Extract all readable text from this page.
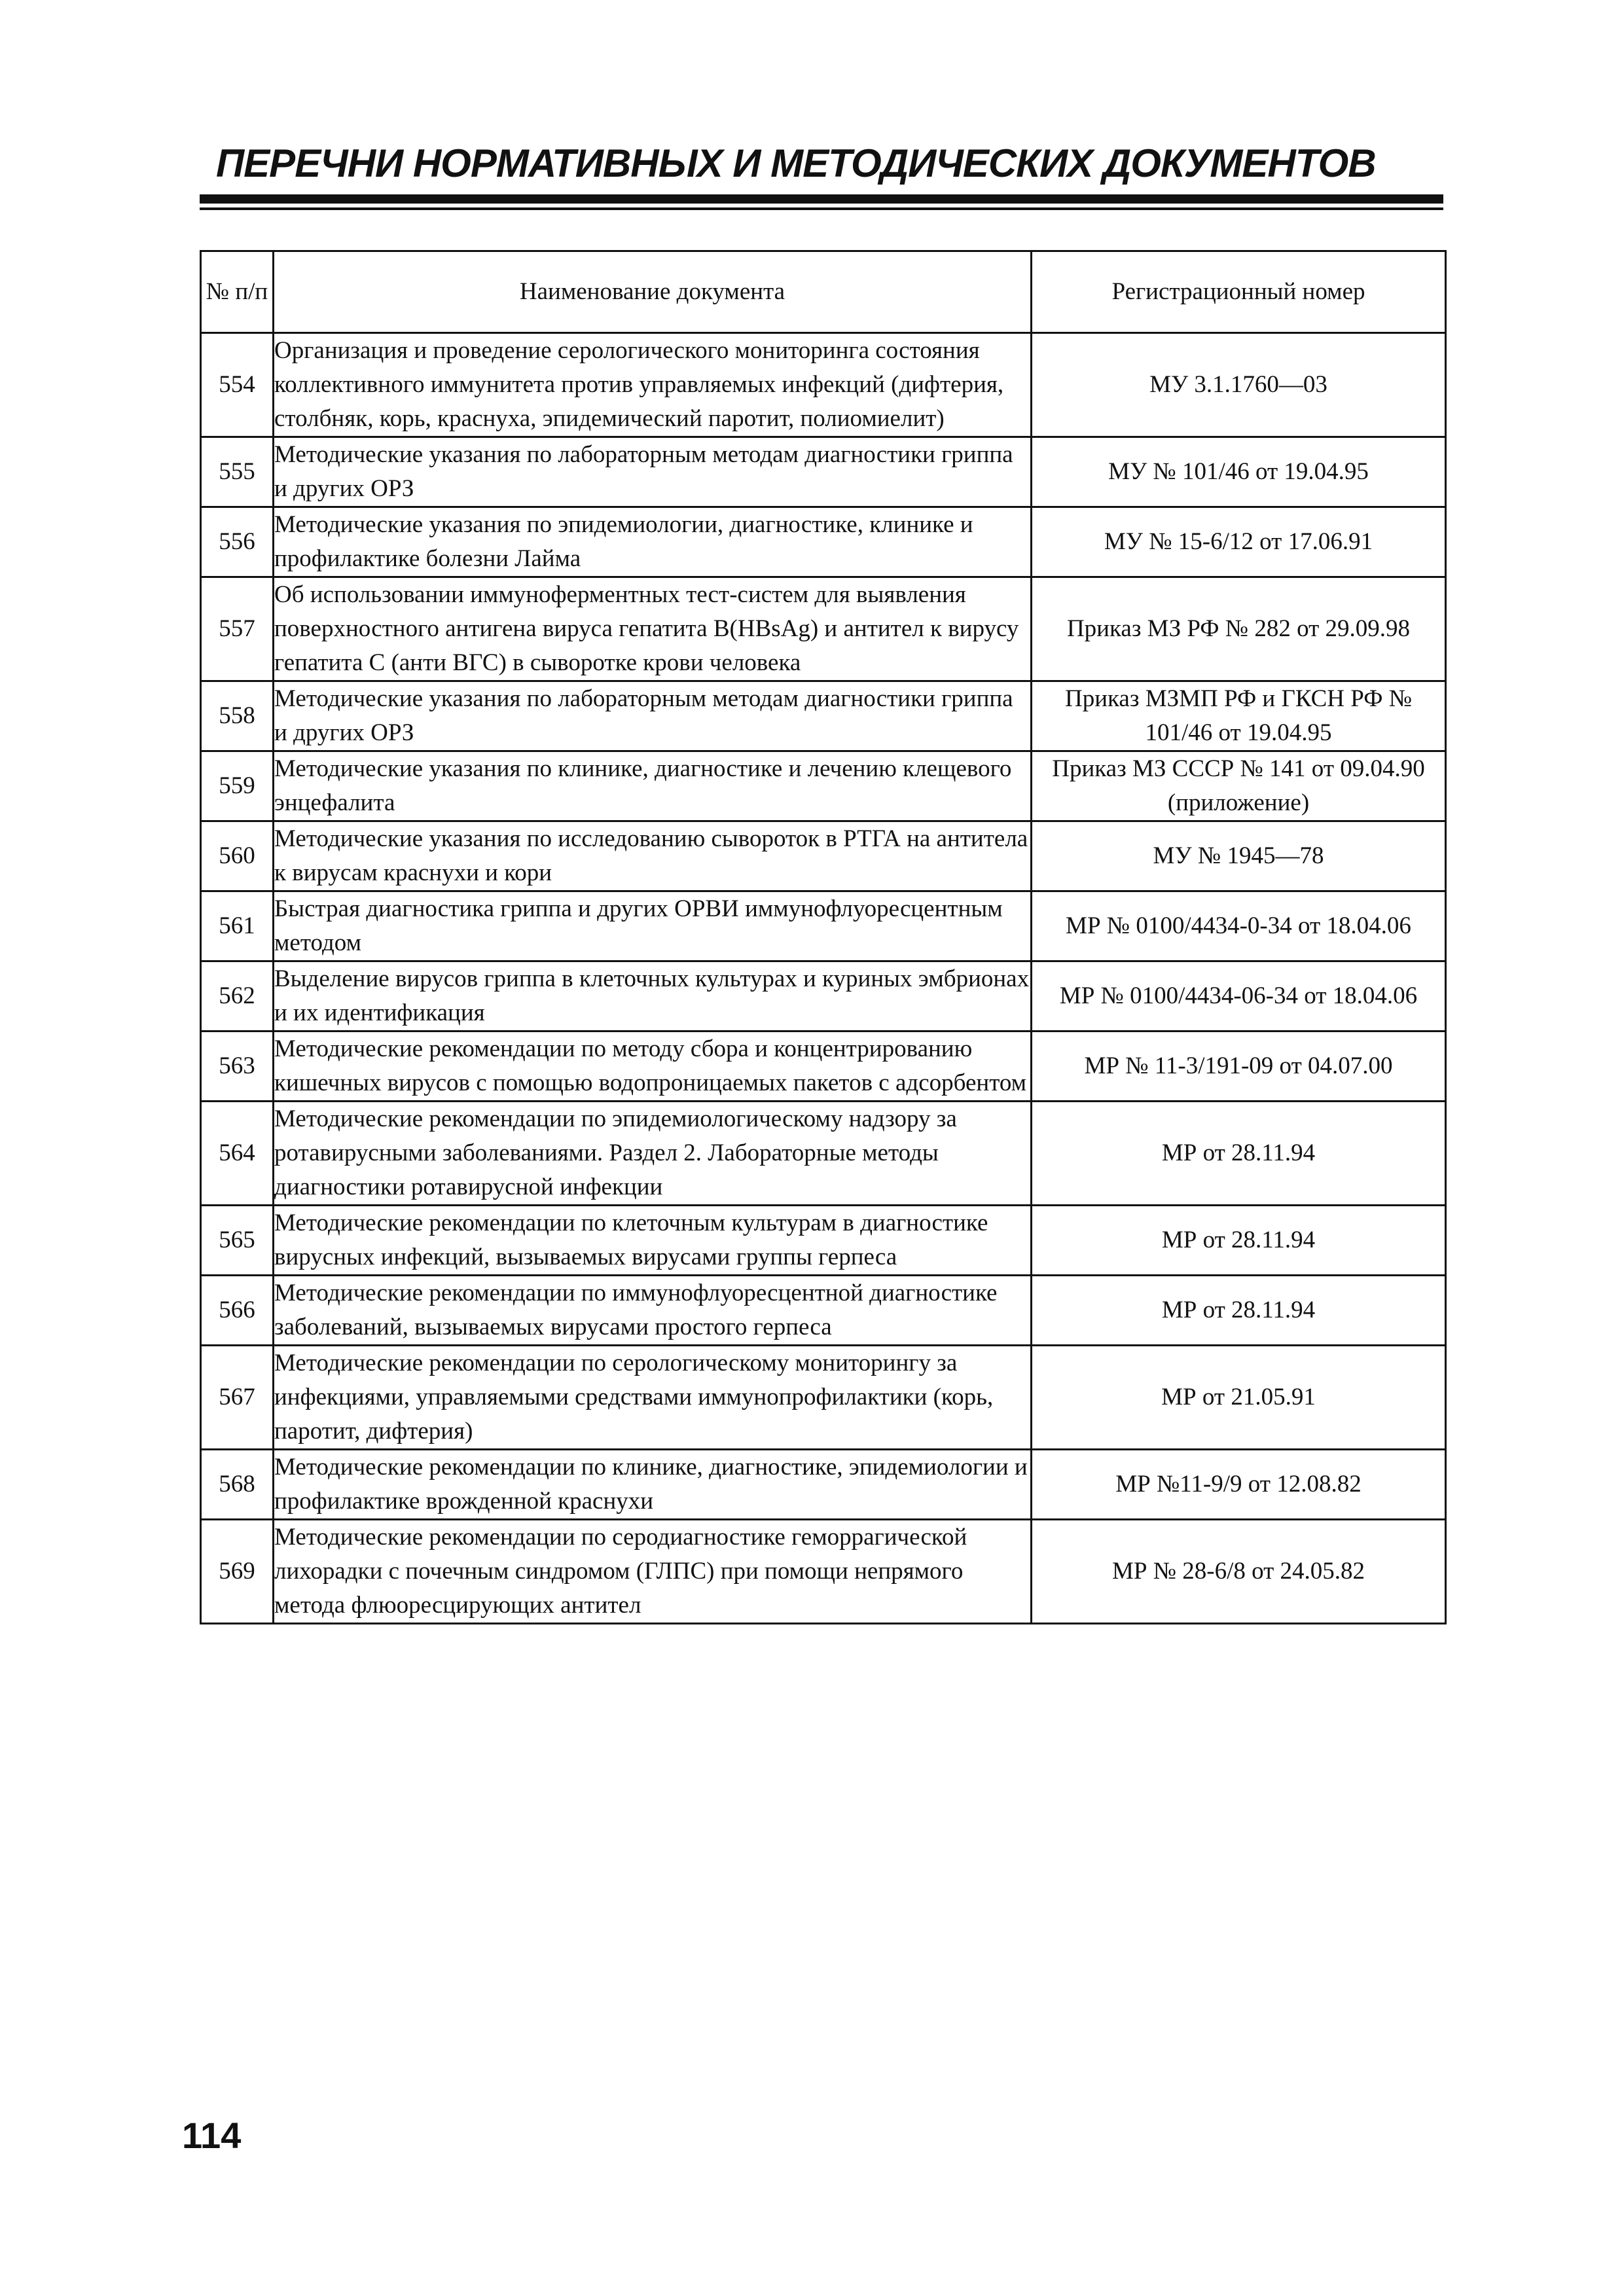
ПЕРЕЧНИ НОРМАТИВНЫХ И МЕТОДИЧЕСКИХ ДОКУМЕНТОВ
№ п/п	Наименование документа	Регистрационный номер
554	Организация и проведение серологического мониторинга состояния коллективного иммунитета против управляемых инфекций (дифтерия, столбняк, корь, краснуха, эпидемический паротит, полиомиелит)	МУ 3.1.1760—03
555	Методические указания по лабораторным методам диагностики гриппа и других ОРЗ	МУ № 101/46 от 19.04.95
556	Методические указания по эпидемиологии, диагностике, клинике и профилактике болезни Лайма	МУ № 15-6/12 от 17.06.91
557	Об использовании иммуноферментных тест-систем для выявления поверхностного антигена вируса гепатита В(HBsAg) и антител к вирусу гепатита С (анти ВГС) в сыворотке крови человека	Приказ МЗ РФ № 282 от 29.09.98
558	Методические указания по лабораторным методам диагностики гриппа и других ОРЗ	Приказ МЗМП РФ и ГКСН РФ № 101/46 от 19.04.95
559	Методические указания по клинике, диагностике и лечению клещевого энцефалита	Приказ МЗ СССР № 141 от 09.04.90 (приложение)
560	Методические указания по исследованию сывороток в РТГА на антитела к вирусам краснухи и кори	МУ № 1945—78
561	Быстрая диагностика гриппа и других ОРВИ иммунофлуоресцентным методом	МР № 0100/4434-0-34 от 18.04.06
562	Выделение вирусов гриппа в клеточных культурах и куриных эмбрионах и их идентификация	МР № 0100/4434-06-34 от 18.04.06
563	Методические рекомендации по методу сбора и концентрированию кишечных вирусов с помощью водопроницаемых пакетов с адсорбентом	МР № 11-3/191-09 от 04.07.00
564	Методические рекомендации по эпидемиологическому надзору за ротавирусными заболеваниями. Раздел 2. Лабораторные методы диагностики ротавирусной инфекции	МР от 28.11.94
565	Методические рекомендации по клеточным культурам в диагностике вирусных инфекций, вызываемых вирусами группы герпеса	МР от 28.11.94
566	Методические рекомендации по иммунофлуоресцентной диагностике заболеваний, вызываемых вирусами простого герпеса	МР от 28.11.94
567	Методические рекомендации по серологическому мониторингу за инфекциями, управляемыми средствами иммунопрофилактики (корь, паротит, дифтерия)	МР от 21.05.91
568	Методические рекомендации по клинике, диагностике, эпидемиологии и профилактике врожденной краснухи	МР №11-9/9 от 12.08.82
569	Методические рекомендации по серодиагностике геморрагической лихорадки с почечным синдромом (ГЛПС) при помощи непрямого метода флюоресцирующих антител	МР № 28-6/8 от 24.05.82
114
